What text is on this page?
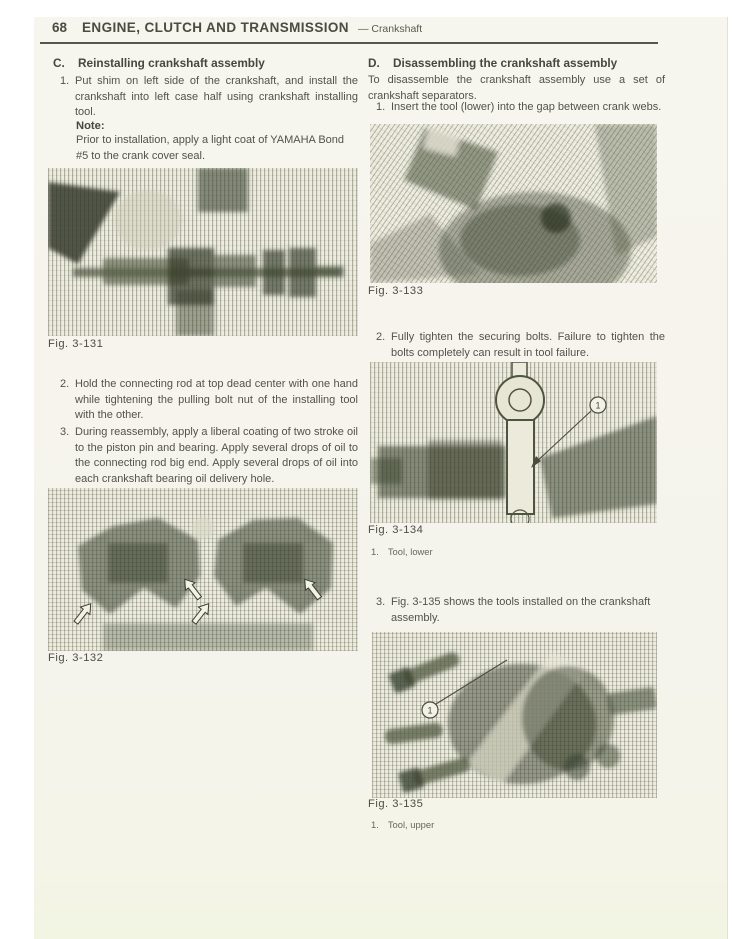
68 ENGINE, CLUTCH AND TRANSMISSION — Crankshaft
C.	Reinstalling crankshaft assembly
1. Put shim on left side of the crankshaft, and install the crankshaft into left case half using crankshaft installing tool.
Note:
Prior to installation, apply a light coat of YAMAHA Bond #5 to the crank cover seal.
Fig. 3-131
2. Hold the connecting rod at top dead center with one hand while tightening the pulling bolt nut of the installing tool with the other.
3. During reassembly, apply a liberal coating of two stroke oil to the piston pin and bearing. Apply several drops of oil to the connecting rod big end. Apply several drops of oil into each crankshaft bearing oil delivery hole.
Fig. 3-132
D.	Disassembling the crankshaft assembly
To disassemble the crankshaft assembly use a set of crankshaft separators.
1. Insert the tool (lower) into the gap between crank webs.
Fig. 3-133
2. Fully tighten the securing bolts. Failure to tighten the bolts completely can result in tool failure.
1
Fig. 3-134
1. Tool, lower
3. Fig. 3-135 shows the tools installed on the crankshaft assembly.
1
Fig. 3-135
1. Tool, upper
